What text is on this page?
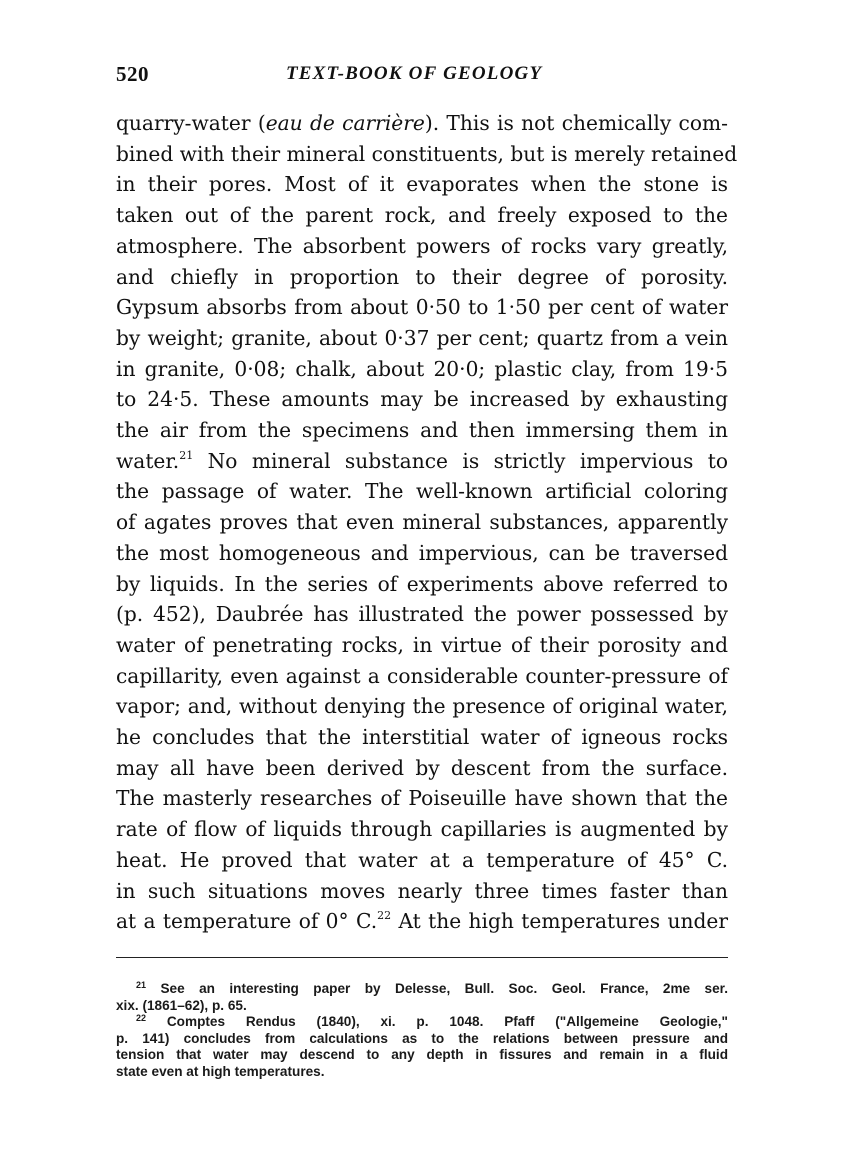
520	TEXT-BOOK OF GEOLOGY
quarry-water (eau de carrière). This is not chemically com-
bined with their mineral constituents, but is merely retained
in their pores. Most of it evaporates when the stone is
taken out of the parent rock, and freely exposed to the
atmosphere. The absorbent powers of rocks vary greatly,
and chiefly in proportion to their degree of porosity.
Gypsum absorbs from about 0·50 to 1·50 per cent of water
by weight; granite, about 0·37 per cent; quartz from a vein
in granite, 0·08; chalk, about 20·0; plastic clay, from 19·5
to 24·5. These amounts may be increased by exhausting
the air from the specimens and then immersing them in
water.$^{21}$ No mineral substance is strictly impervious to
the passage of water. The well-known artificial coloring
of agates proves that even mineral substances, apparently
the most homogeneous and impervious, can be traversed
by liquids. In the series of experiments above referred to
(p. 452), Daubrée has illustrated the power possessed by
water of penetrating rocks, in virtue of their porosity and
capillarity, even against a considerable counter-pressure of
vapor; and, without denying the presence of original water,
he concludes that the interstitial water of igneous rocks
may all have been derived by descent from the surface.
The masterly researches of Poiseuille have shown that the
rate of flow of liquids through capillaries is augmented by
heat. He proved that water at a temperature of 45° C.
in such situations moves nearly three times faster than
at a temperature of 0° C.$^{22}$ At the high temperatures under
$^{21}$ See an interesting paper by Delesse, Bull. Soc. Geol. France, 2me ser.
xix. (1861–62), p. 65.
$^{22}$ Comptes Rendus (1840), xi. p. 1048. Pfaff ("Allgemeine Geologie,"
p. 141) concludes from calculations as to the relations between pressure and
tension that water may descend to any depth in fissures and remain in a fluid
state even at high temperatures.
